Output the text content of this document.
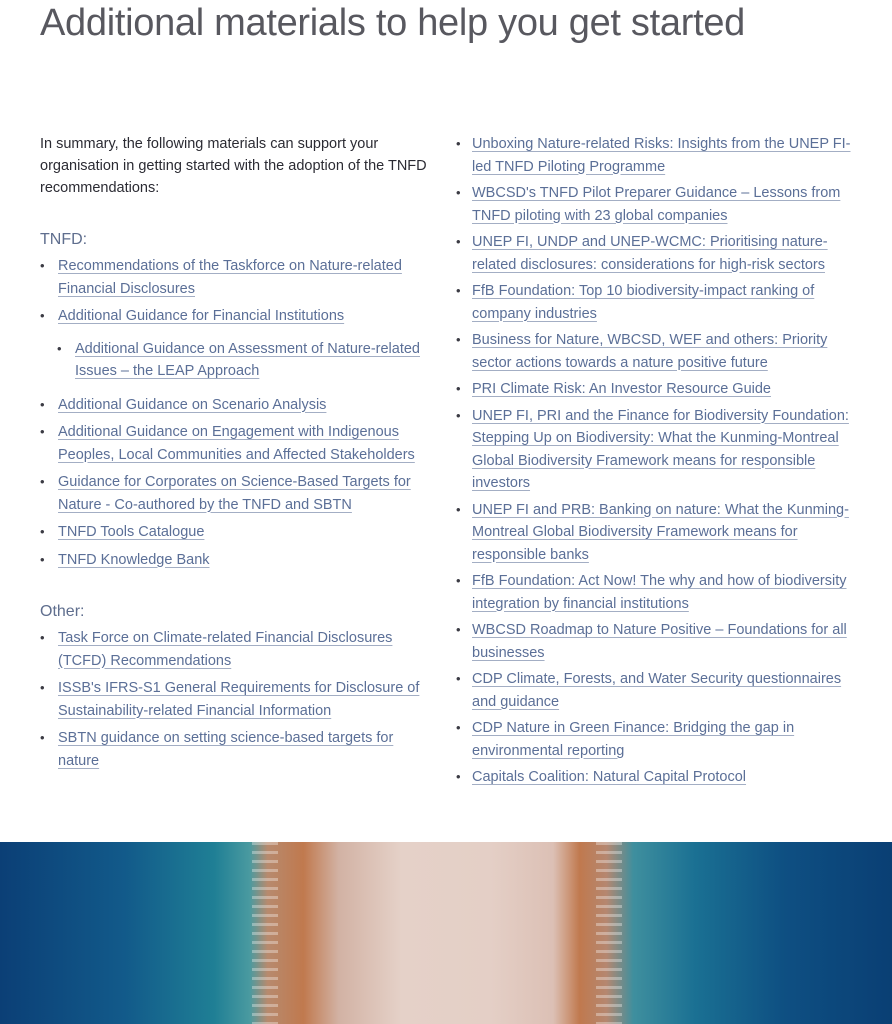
Additional materials to help you get started

In summary, the following materials can support your organisation in getting started with the adoption of the TNFD recommendations:

TNFD:
• Recommendations of the Taskforce on Nature-related Financial Disclosures
• Additional Guidance for Financial Institutions
• Additional Guidance on Assessment of Nature-related Issues – the LEAP Approach
• Additional Guidance on Scenario Analysis
• Additional Guidance on Engagement with Indigenous Peoples, Local Communities and Affected Stakeholders
• Guidance for Corporates on Science-Based Targets for Nature - Co-authored by the TNFD and SBTN
• TNFD Tools Catalogue
• TNFD Knowledge Bank
Other:
• Task Force on Climate-related Financial Disclosures (TCFD) Recommendations
• ISSB's IFRS-S1 General Requirements for Disclosure of Sustainability-related Financial Information
• SBTN guidance on setting science-based targets for nature
• Unboxing Nature-related Risks: Insights from the UNEP FI-led TNFD Piloting Programme
• WBCSD's TNFD Pilot Preparer Guidance – Lessons from TNFD piloting with 23 global companies
• UNEP FI, UNDP and UNEP-WCMC: Prioritising nature-related disclosures: considerations for high-risk sectors
• FfB Foundation: Top 10 biodiversity-impact ranking of company industries
• Business for Nature, WBCSD, WEF and others: Priority sector actions towards a nature positive future
• PRI Climate Risk: An Investor Resource Guide
• UNEP FI, PRI and the Finance for Biodiversity Foundation: Stepping Up on Biodiversity: What the Kunming-Montreal Global Biodiversity Framework means for responsible investors
• UNEP FI and PRB: Banking on nature: What the Kunming-Montreal Global Biodiversity Framework means for responsible banks
• FfB Foundation: Act Now! The why and how of biodiversity integration by financial institutions
• WBCSD Roadmap to Nature Positive – Foundations for all businesses
• CDP Climate, Forests, and Water Security questionnaires and guidance
• CDP Nature in Green Finance: Bridging the gap in environmental reporting
• Capitals Coalition: Natural Capital Protocol
